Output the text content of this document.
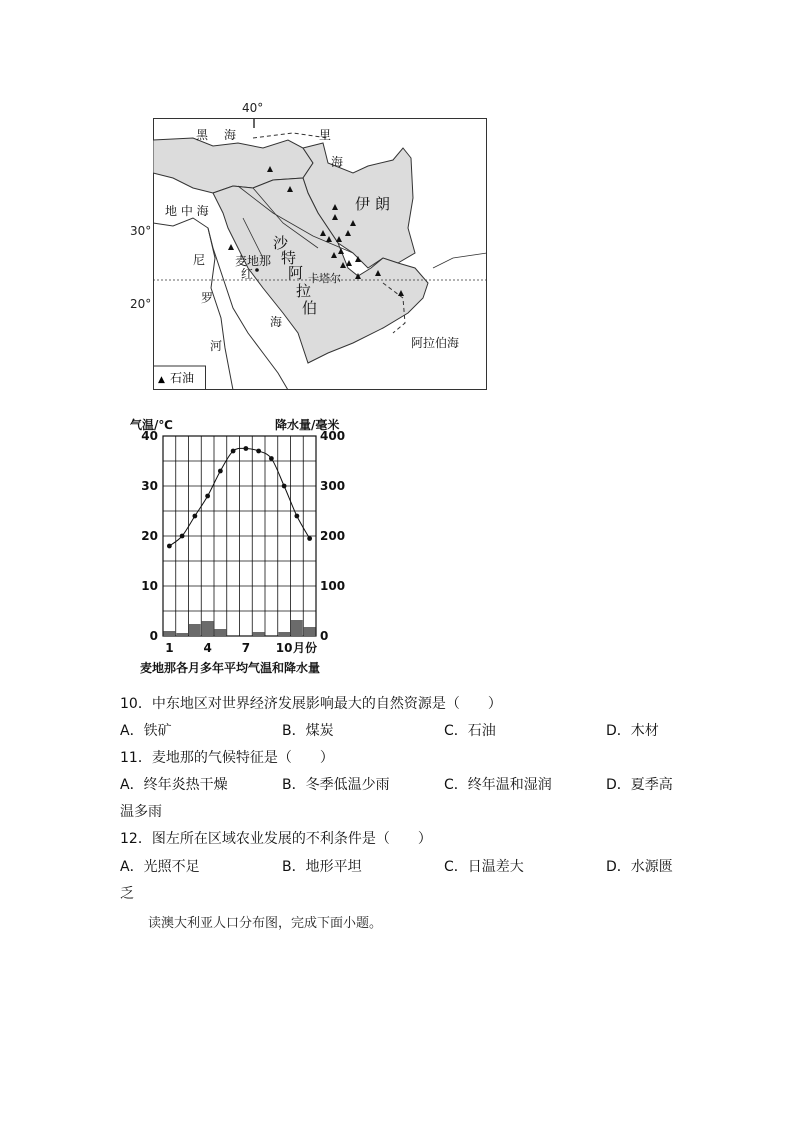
40°
30°
20°
▲ 石油
黑 海	里
海
地 中 海	伊 朗
沙
特
阿
拉
伯
麦地那
红
海
尼
罗
河
卡塔尔
阿拉伯海
气温/℃	降水量/毫米
麦地那各月多年平均气温和降水量
0
10
20
30
40
0
100
200
300
400
1 4 7 10 月份
10．中东地区对世界经济发展影响最大的自然资源是（　　）
A．铁矿	B．煤炭	C．石油	D．木材
11．麦地那的气候特征是（　　）
A．终年炎热干燥	B．冬季低温少雨	C．终年温和湿润	D．夏季高
温多雨
12．图左所在区域农业发展的不利条件是（　　）
A．光照不足	B．地形平坦	C．日温差大	D．水源匮
乏
读澳大利亚人口分布图，完成下面小题。
